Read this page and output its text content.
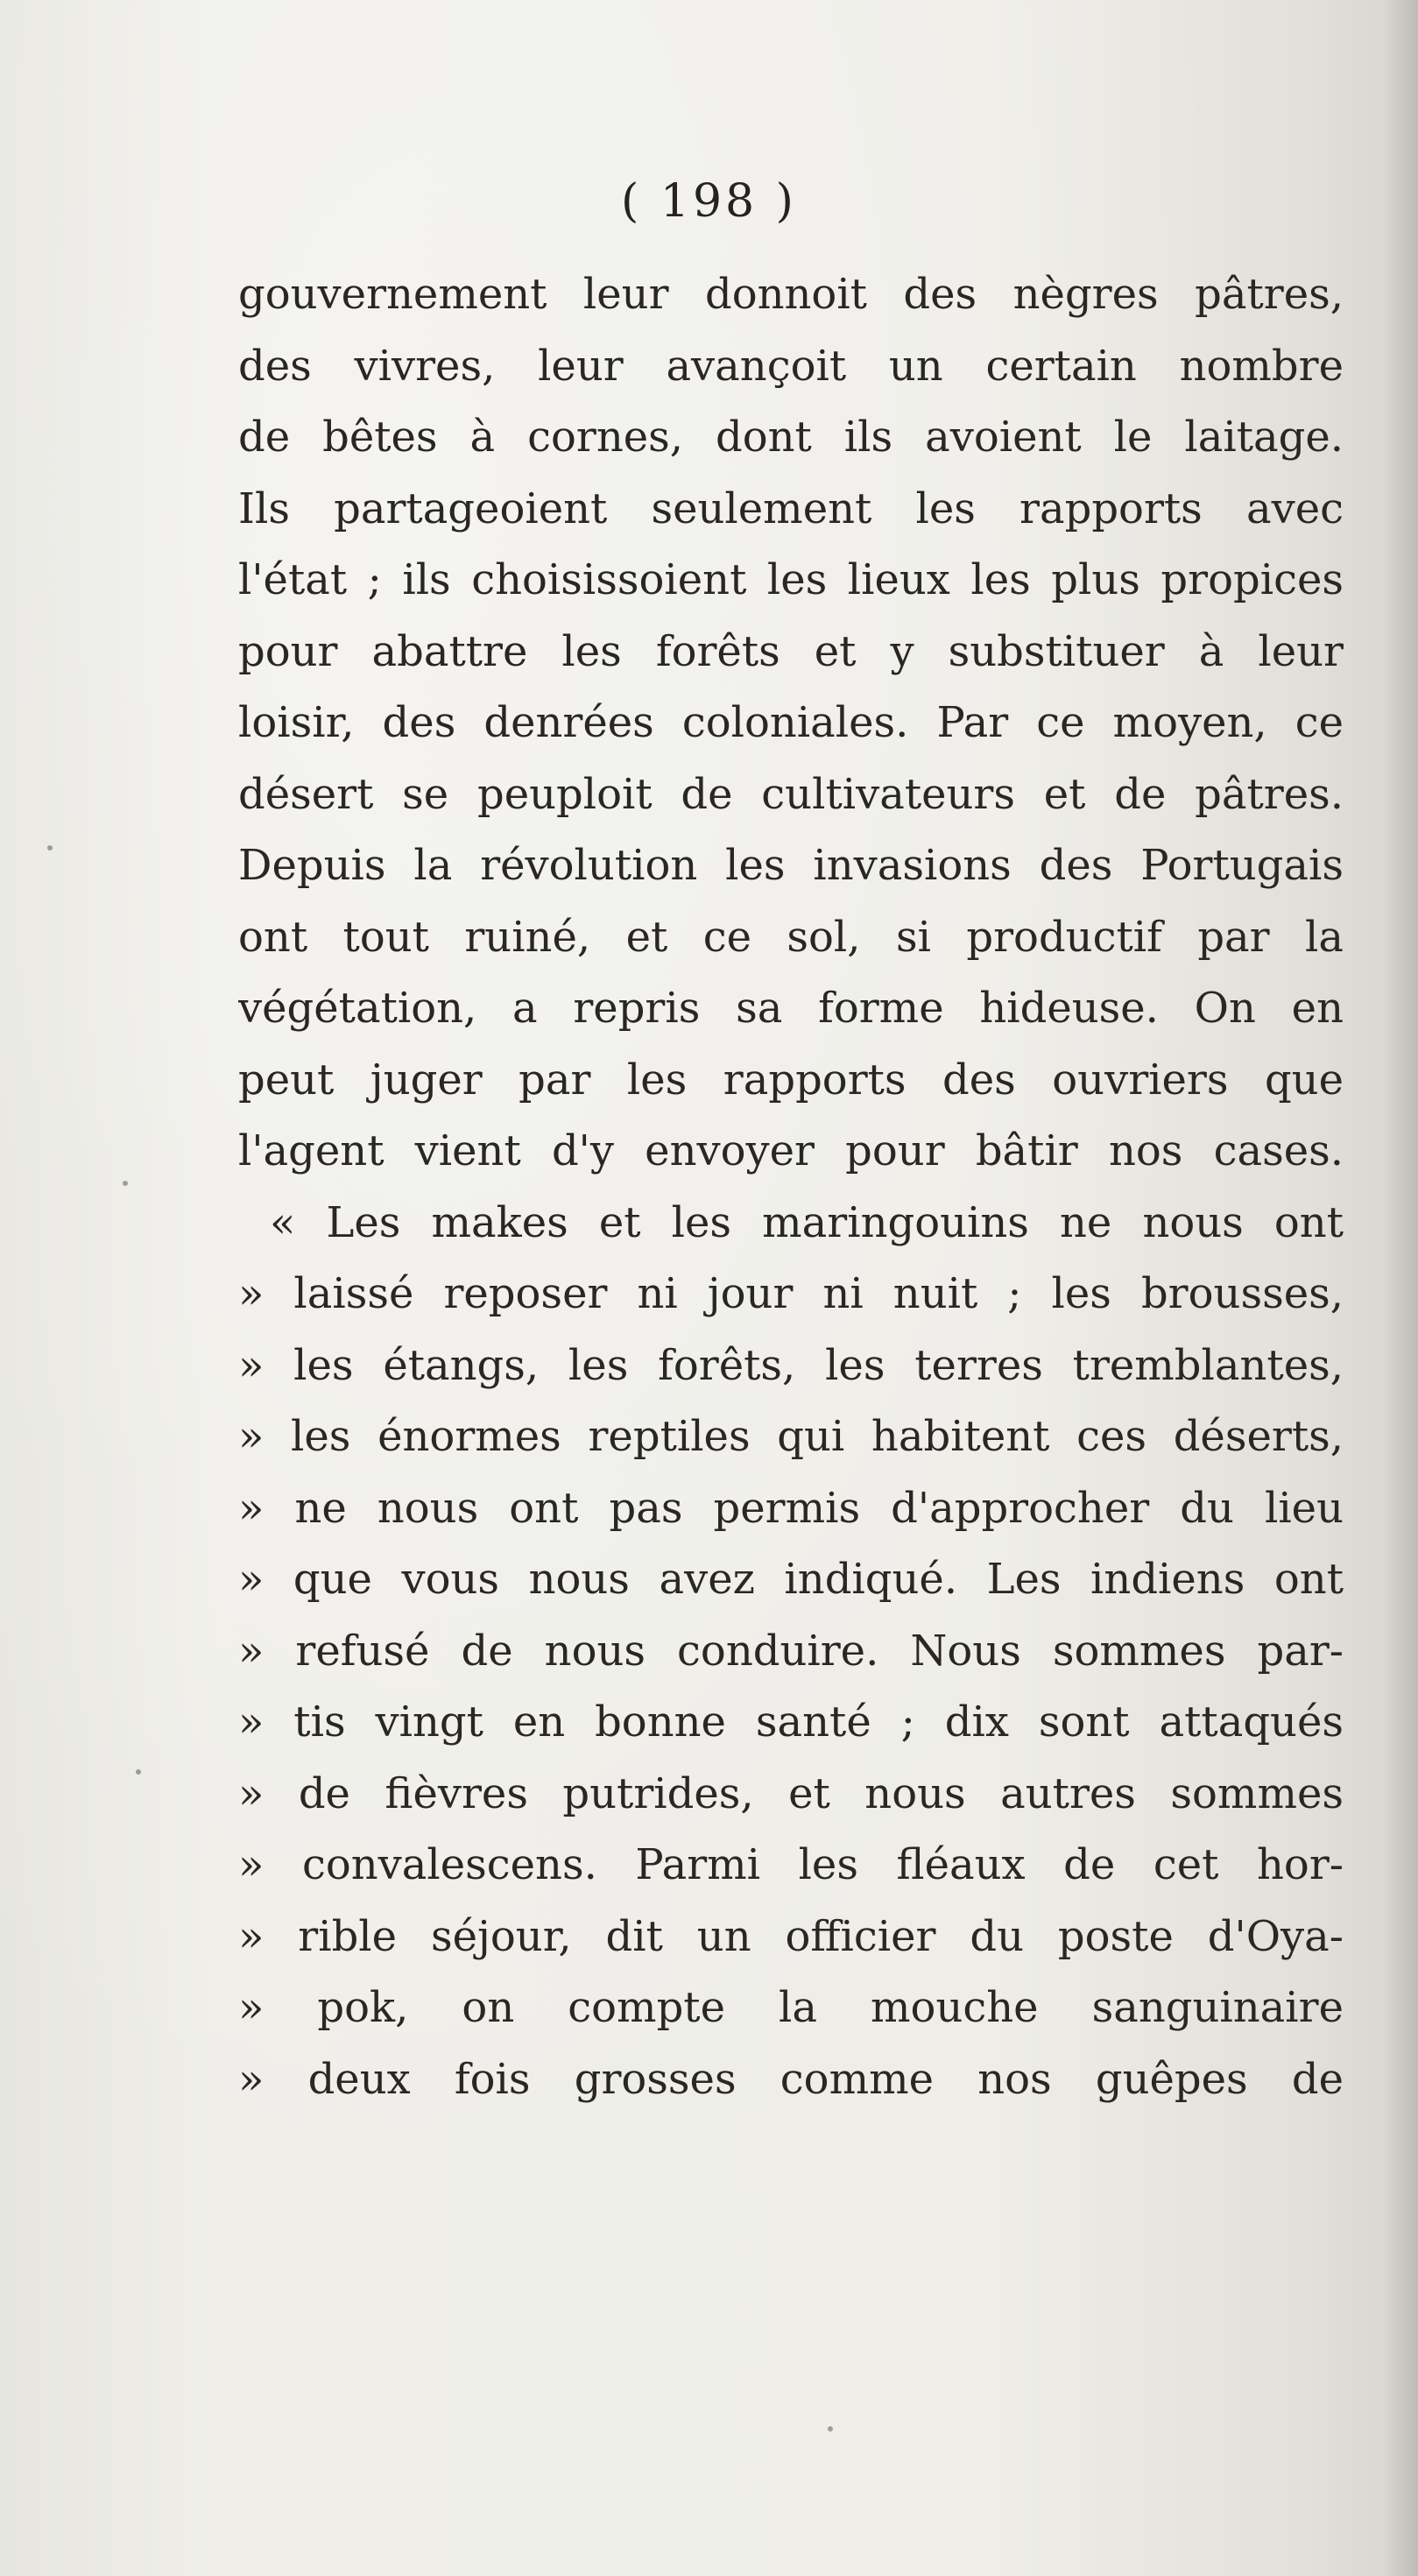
( 198 )
gouvernement leur donnoit des nègres pâtres,
des vivres, leur avançoit un certain nombre
de bêtes à cornes, dont ils avoient le laitage.
Ils partageoient seulement les rapports avec
l'état ; ils choisissoient les lieux les plus propices
pour abattre les forêts et y substituer à leur
loisir, des denrées coloniales. Par ce moyen, ce
désert se peuploit de cultivateurs et de pâtres.
Depuis la révolution les invasions des Portugais
ont tout ruiné, et ce sol, si productif par la
végétation, a repris sa forme hideuse. On en
peut juger par les rapports des ouvriers que
l'agent vient d'y envoyer pour bâtir nos cases.
« Les makes et les maringouins ne nous ont
» laissé reposer ni jour ni nuit ; les brousses,
» les étangs, les forêts, les terres tremblantes,
» les énormes reptiles qui habitent ces déserts,
» ne nous ont pas permis d'approcher du lieu
» que vous nous avez indiqué. Les indiens ont
» refusé de nous conduire. Nous sommes par-
» tis vingt en bonne santé ; dix sont attaqués
» de fièvres putrides, et nous autres sommes
» convalescens. Parmi les fléaux de cet hor-
» rible séjour, dit un officier du poste d'Oya-
» pok, on compte la mouche sanguinaire
» deux fois grosses comme nos guêpes de
